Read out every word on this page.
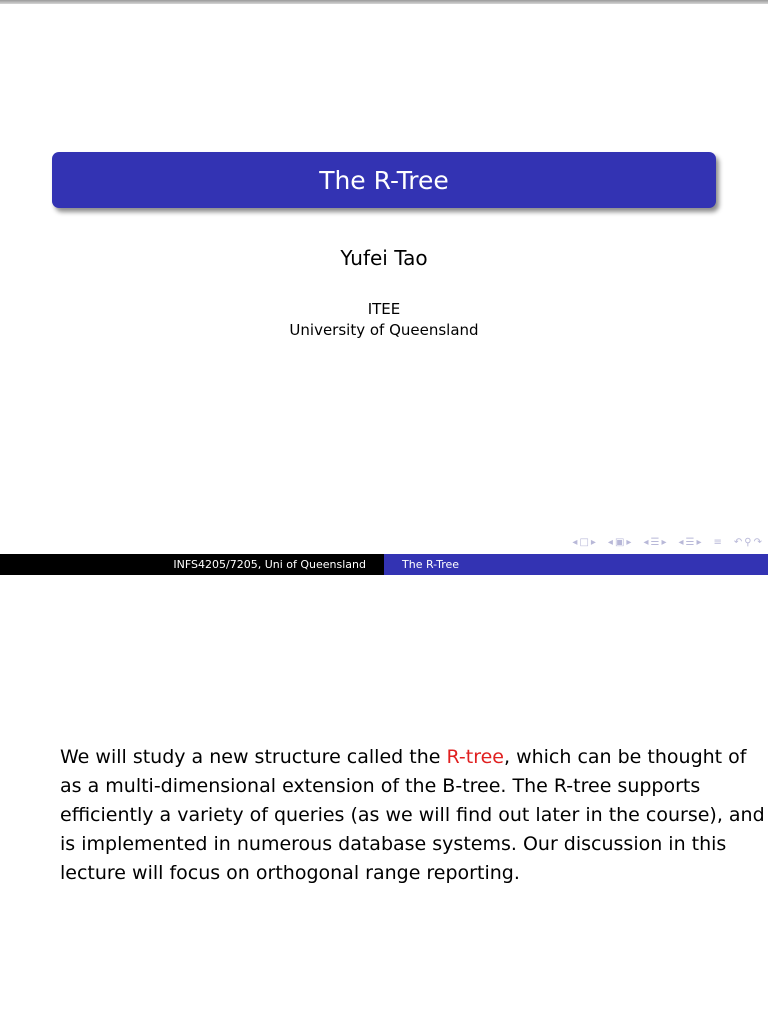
The R-Tree
Yufei Tao
ITEE
University of Queensland
◂ □ ▸ ◂ ▣ ▸ ◂ ☰ ▸ ◂ ☰ ▸ ≡ ↶ ⚲ ↷
INFS4205/7205, Uni of Queensland	The R-Tree
We will study a new structure called the R-tree, which can be thought of
as a multi-dimensional extension of the B-tree. The R-tree supports
efficiently a variety of queries (as we will find out later in the course), and
is implemented in numerous database systems. Our discussion in this
lecture will focus on orthogonal range reporting.
